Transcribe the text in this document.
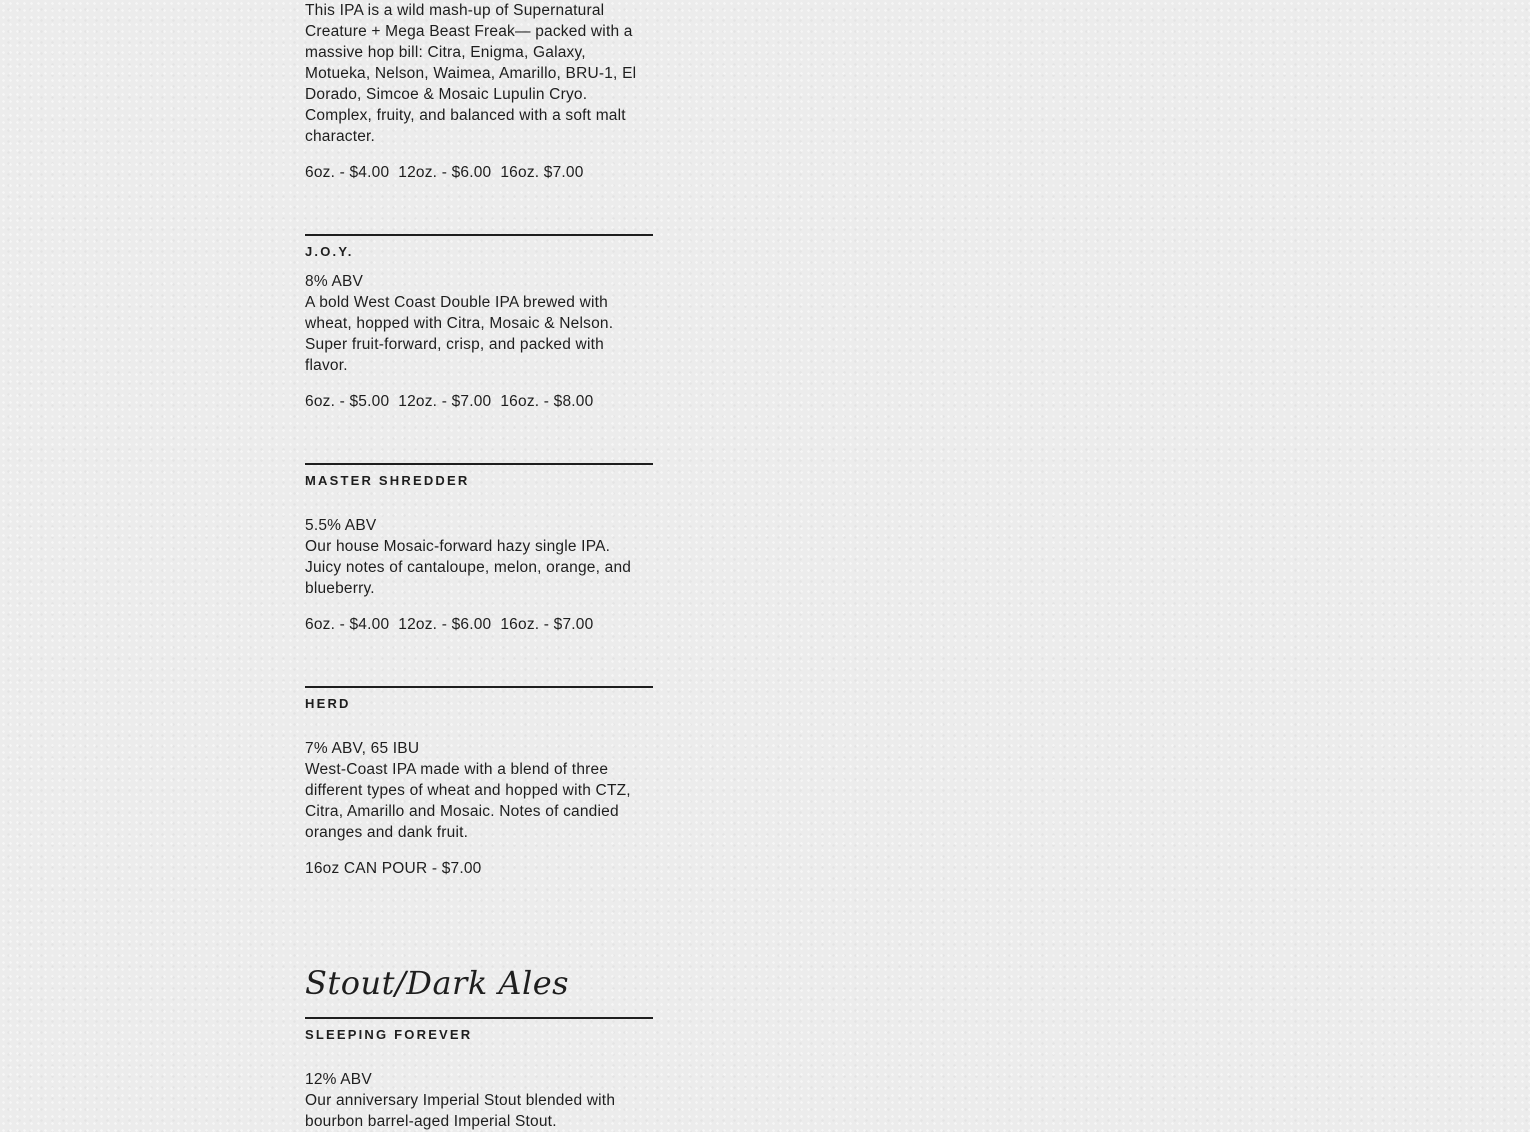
This IPA is a wild mash-up of Supernatural Creature + Mega Beast Freak— packed with a massive hop bill: Citra, Enigma, Galaxy, Motueka, Nelson, Waimea, Amarillo, BRU-1, El Dorado, Simcoe & Mosaic Lupulin Cryo. Complex, fruity, and balanced with a soft malt character.
6oz. - $4.00  12oz. - $6.00  16oz. $7.00
J.O.Y.
8% ABV
A bold West Coast Double IPA brewed with wheat, hopped with Citra, Mosaic & Nelson. Super fruit-forward, crisp, and packed with flavor.
6oz. - $5.00  12oz. - $7.00  16oz. - $8.00
MASTER SHREDDER
5.5% ABV
Our house Mosaic-forward hazy single IPA. Juicy notes of cantaloupe, melon, orange, and blueberry.
6oz. - $4.00  12oz. - $6.00  16oz. - $7.00
HERD
7% ABV, 65 IBU
West-Coast IPA made with a blend of three different types of wheat and hopped with CTZ, Citra, Amarillo and Mosaic. Notes of candied oranges and dank fruit.
16oz CAN POUR - $7.00
Stout/Dark Ales
SLEEPING FOREVER
12% ABV
Our anniversary Imperial Stout blended with bourbon barrel-aged Imperial Stout.
